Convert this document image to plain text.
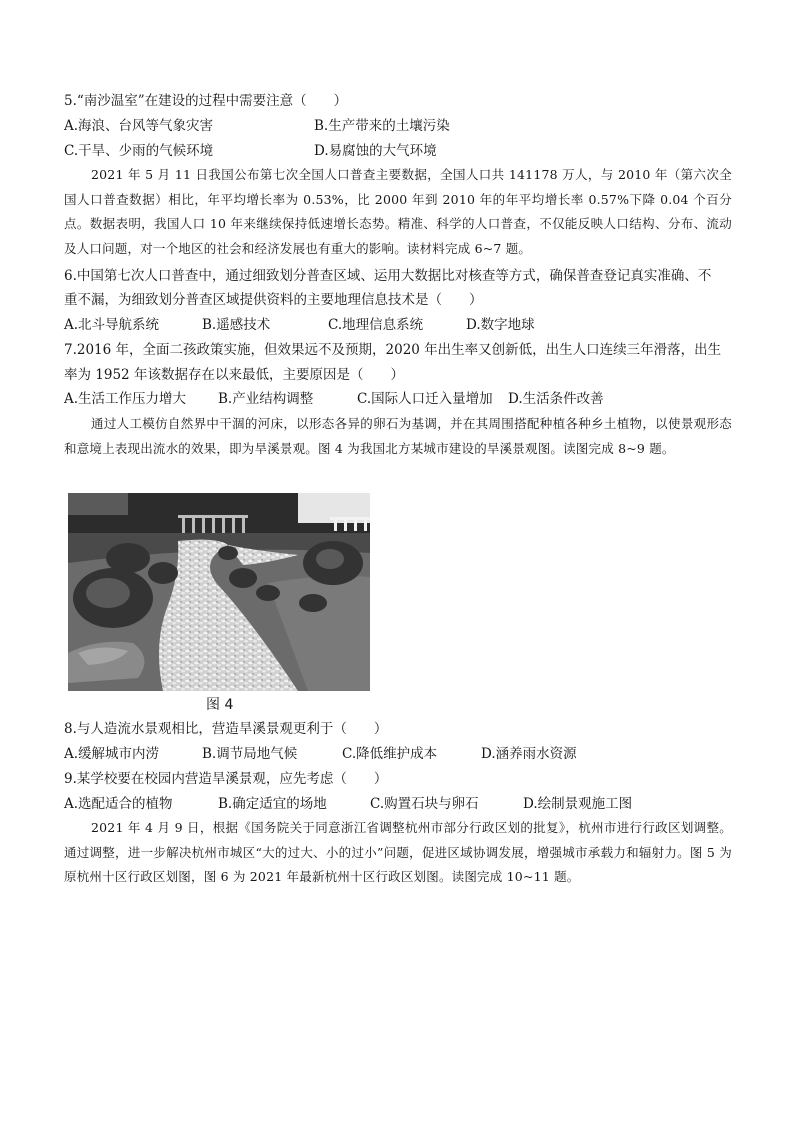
5.“南沙温室”在建设的过程中需要注意（　　）
A.海浪、台风等气象灾害	B.生产带来的土壤污染
C.干旱、少雨的气候环境	D.易腐蚀的大气环境
2021 年 5 月 11 日我国公布第七次全国人口普查主要数据，全国人口共 141178 万人，与 2010 年（第六次全国人口普查数据）相比，年平均增长率为 0.53%，比 2000 年到 2010 年的年平均增长率 0.57%下降 0.04 个百分点。数据表明，我国人口 10 年来继续保持低速增长态势。精准、科学的人口普查，不仅能反映人口结构、分布、流动及人口问题，对一个地区的社会和经济发展也有重大的影响。读材料完成 6~7 题。
6.中国第七次人口普查中，通过细致划分普查区域、运用大数据比对核查等方式，确保普查登记真实准确、不
重不漏，为细致划分普查区域提供资料的主要地理信息技术是（　　）
A.北斗导航系统	B.遥感技术	C.地理信息系统	D.数字地球
7.2016 年，全面二孩政策实施，但效果远不及预期，2020 年出生率又创新低，出生人口连续三年滑落，出生
率为 1952 年该数据存在以来最低，主要原因是（　　）
A.生活工作压力增大 B.产业结构调整	C.国际人口迁入量增加 D.生活条件改善
通过人工模仿自然界中干涸的河床，以形态各异的卵石为基调，并在其周围搭配种植各种乡土植物，以使景观形态和意境上表现出流水的效果，即为旱溪景观。图 4 为我国北方某城市建设的旱溪景观图。读图完成 8~9 题。
图 4
8.与人造流水景观相比，营造旱溪景观更利于（　　）
A.缓解城市内涝	B.调节局地气候	C.降低维护成本	D.涵养雨水资源
9.某学校要在校园内营造旱溪景观，应先考虑（　　）
A.选配适合的植物	B.确定适宜的场地	C.购置石块与卵石	D.绘制景观施工图
2021 年 4 月 9 日，根据《国务院关于同意浙江省调整杭州市部分行政区划的批复》，杭州市进行行政区划调整。通过调整，进一步解决杭州市城区“大的过大、小的过小”问题，促进区域协调发展，增强城市承载力和辐射力。图 5 为原杭州十区行政区划图，图 6 为 2021 年最新杭州十区行政区划图。读图完成 10~11 题。
